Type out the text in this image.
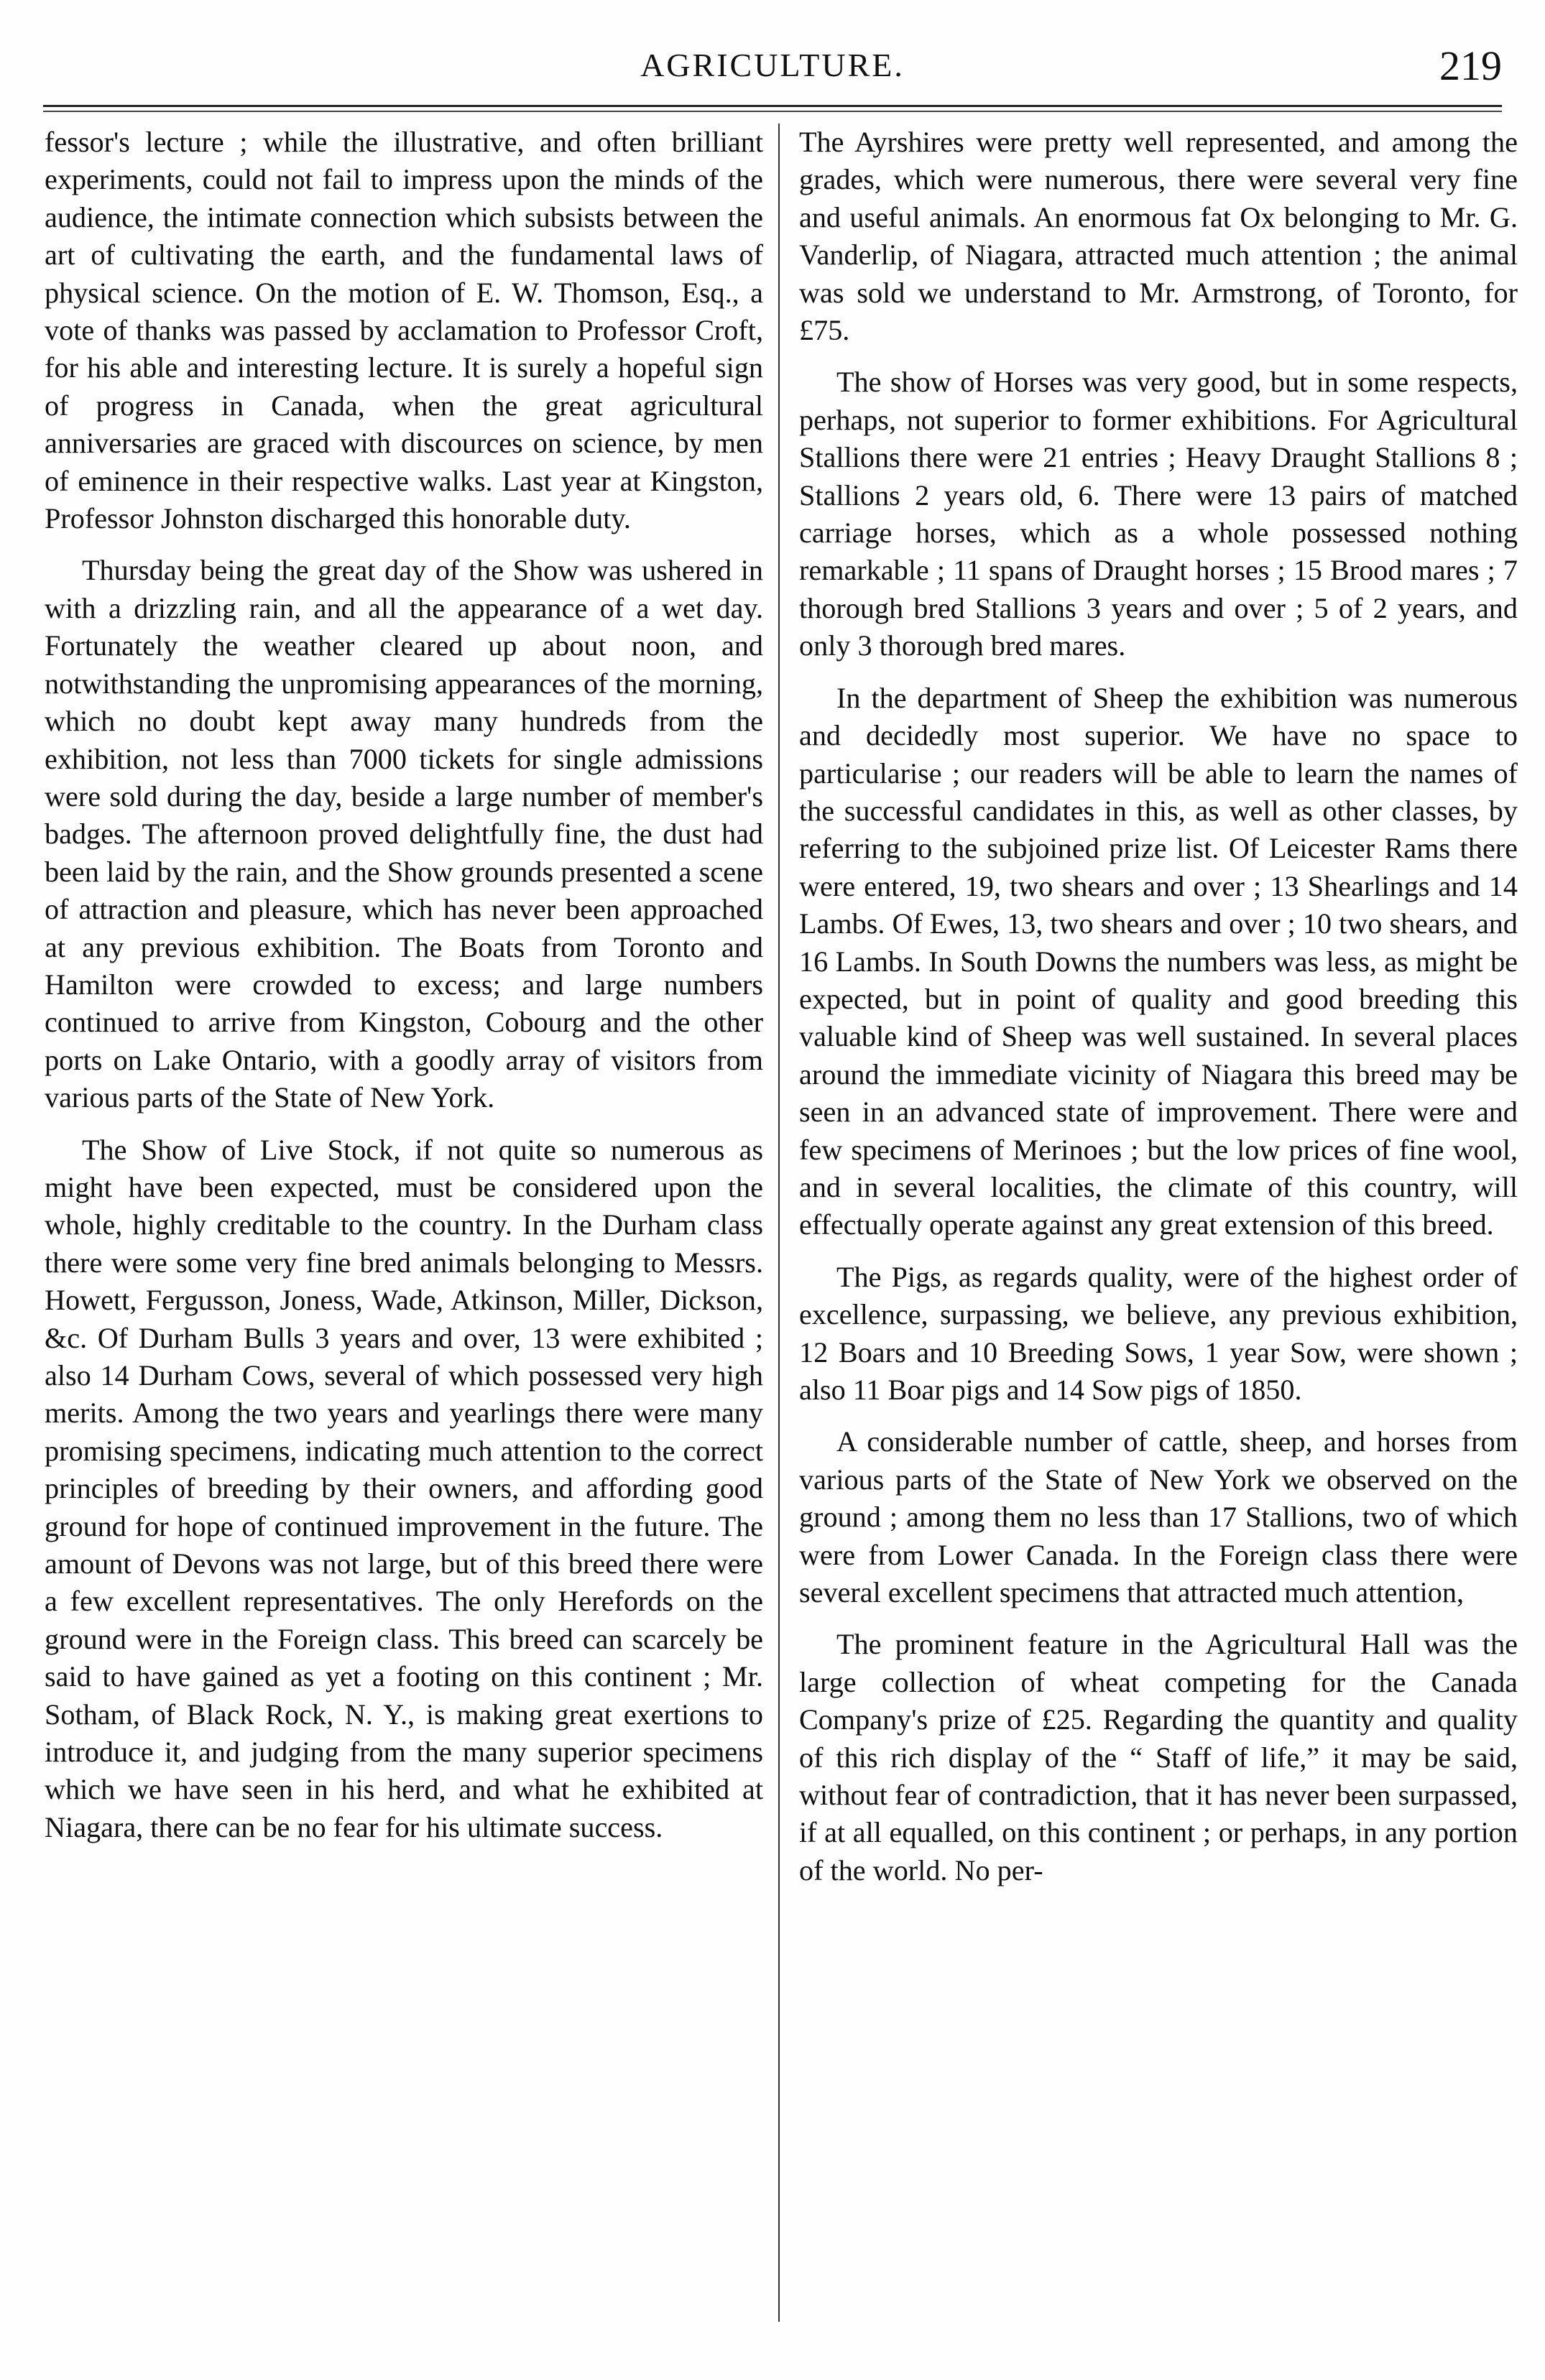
AGRICULTURE.	219

fessor's lecture ; while the illustrative, and often brilliant experiments, could not fail to impress upon the minds of the audience, the intimate connection which subsists between the art of cultivating the earth, and the fundamental laws of physical science. On the motion of E. W. Thomson, Esq., a vote of thanks was passed by acclamation to Professor Croft, for his able and interesting lecture. It is surely a hopeful sign of progress in Canada, when the great agricultural anniversaries are graced with discources on science, by men of eminence in their respective walks. Last year at Kingston, Professor Johnston discharged this honorable duty.

Thursday being the great day of the Show was ushered in with a drizzling rain, and all the appearance of a wet day. Fortunately the weather cleared up about noon, and notwithstanding the unpromising appearances of the morning, which no doubt kept away many hundreds from the exhibition, not less than 7000 tickets for single admissions were sold during the day, beside a large number of member's badges. The afternoon proved delightfully fine, the dust had been laid by the rain, and the Show grounds presented a scene of attraction and pleasure, which has never been approached at any previous exhibition. The Boats from Toronto and Hamilton were crowded to excess; and large numbers continued to arrive from Kingston, Cobourg and the other ports on Lake Ontario, with a goodly array of visitors from various parts of the State of New York.

The Show of Live Stock, if not quite so numerous as might have been expected, must be considered upon the whole, highly creditable to the country. In the Durham class there were some very fine bred animals belonging to Messrs. Howett, Fergusson, Joness, Wade, Atkinson, Miller, Dickson, &c. Of Durham Bulls 3 years and over, 13 were exhibited ; also 14 Durham Cows, several of which possessed very high merits. Among the two years and yearlings there were many promising specimens, indicating much attention to the correct principles of breeding by their owners, and affording good ground for hope of continued improvement in the future. The amount of Devons was not large, but of this breed there were a few excellent representatives. The only Herefords on the ground were in the Foreign class. This breed can scarcely be said to have gained as yet a footing on this continent ; Mr. Sotham, of Black Rock, N. Y., is making great exertions to introduce it, and judging from the many superior specimens which we have seen in his herd, and what he exhibited at Niagara, there can be no fear for his ultimate success.

The Ayrshires were pretty well represented, and among the grades, which were numerous, there were several very fine and useful animals. An enormous fat Ox belonging to Mr. G. Vanderlip, of Niagara, attracted much attention ; the animal was sold we understand to Mr. Armstrong, of Toronto, for £75.

The show of Horses was very good, but in some respects, perhaps, not superior to former exhibitions. For Agricultural Stallions there were 21 entries ; Heavy Draught Stallions 8 ; Stallions 2 years old, 6. There were 13 pairs of matched carriage horses, which as a whole possessed nothing remarkable ; 11 spans of Draught horses ; 15 Brood mares ; 7 thorough bred Stallions 3 years and over ; 5 of 2 years, and only 3 thorough bred mares.

In the department of Sheep the exhibition was numerous and decidedly most superior. We have no space to particularise ; our readers will be able to learn the names of the successful candidates in this, as well as other classes, by referring to the subjoined prize list. Of Leicester Rams there were entered, 19, two shears and over ; 13 Shearlings and 14 Lambs. Of Ewes, 13, two shears and over ; 10 two shears, and 16 Lambs. In South Downs the numbers was less, as might be expected, but in point of quality and good breeding this valuable kind of Sheep was well sustained. In several places around the immediate vicinity of Niagara this breed may be seen in an advanced state of improvement. There were and few specimens of Merinoes ; but the low prices of fine wool, and in several localities, the climate of this country, will effectually operate against any great extension of this breed.

The Pigs, as regards quality, were of the highest order of excellence, surpassing, we believe, any previous exhibition, 12 Boars and 10 Breeding Sows, 1 year Sow, were shown ; also 11 Boar pigs and 14 Sow pigs of 1850.

A considerable number of cattle, sheep, and horses from various parts of the State of New York we observed on the ground ; among them no less than 17 Stallions, two of which were from Lower Canada. In the Foreign class there were several excellent specimens that attracted much attention,

The prominent feature in the Agricultural Hall was the large collection of wheat competing for the Canada Company's prize of £25. Regarding the quantity and quality of this rich display of the “ Staff of life,” it may be said, without fear of contradiction, that it has never been surpassed, if at all equalled, on this continent ; or perhaps, in any portion of the world. No per-
